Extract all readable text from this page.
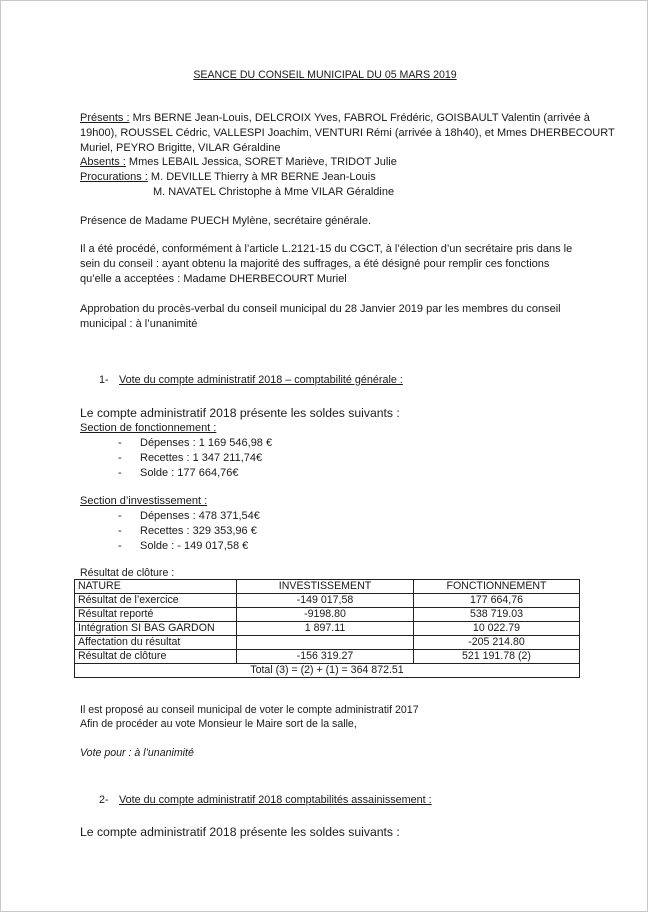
SEANCE DU CONSEIL MUNICIPAL DU 05 MARS 2019
Présents : Mrs BERNE Jean-Louis, DELCROIX Yves, FABROL Frédéric, GOISBAULT Valentin (arrivée à
19h00), ROUSSEL Cédric, VALLESPI Joachim, VENTURI Rémi (arrivée à 18h40), et Mmes DHERBECOURT
Muriel, PEYRO Brigitte, VILAR Géraldine
Absents : Mmes LEBAIL Jessica, SORET Mariève, TRIDOT Julie
Procurations : M. DEVILLE Thierry à MR BERNE Jean-Louis
M. NAVATEL Christophe à Mme VILAR Géraldine
Présence de Madame PUECH Mylène, secrétaire générale.
Il a été procédé, conformément à l’article L.2121-15 du CGCT, à l’élection d’un secrétaire pris dans le
sein du conseil : ayant obtenu la majorité des suffrages, a été désigné pour remplir ces fonctions
qu’elle a acceptées : Madame DHERBECOURT Muriel
Approbation du procès-verbal du conseil municipal du 28 Janvier 2019 par les membres du conseil
municipal : à l’unanimité
1- Vote du compte administratif 2018 – comptabilité générale :
Le compte administratif 2018 présente les soldes suivants :
Section de fonctionnement :
- Dépenses : 1 169 546,98 €
- Recettes : 1 347 211,74€
- Solde : 177 664,76€
Section d’investissement :
- Dépenses : 478 371,54€
- Recettes : 329 353,96 €
- Solde : - 149 017,58 €
Résultat de clôture :
NATURE	INVESTISSEMENT	FONCTIONNEMENT
Résultat de l’exercice	-149 017,58	177 664,76
Résultat reporté	-9198.80	538 719.03
Intégration SI BAS GARDON	1 897.11	10 022.79
Affectation du résultat		-205 214.80
Résultat de clôture	-156 319.27	521 191.78 (2)
Total (3) = (2) + (1) = 364 872.51		
Il est proposé au conseil municipal de voter le compte administratif 2017
Afin de procéder au vote Monsieur le Maire sort de la salle,
Vote pour : à l’unanimité
2- Vote du compte administratif 2018 comptabilités assainissement :
Le compte administratif 2018 présente les soldes suivants :
